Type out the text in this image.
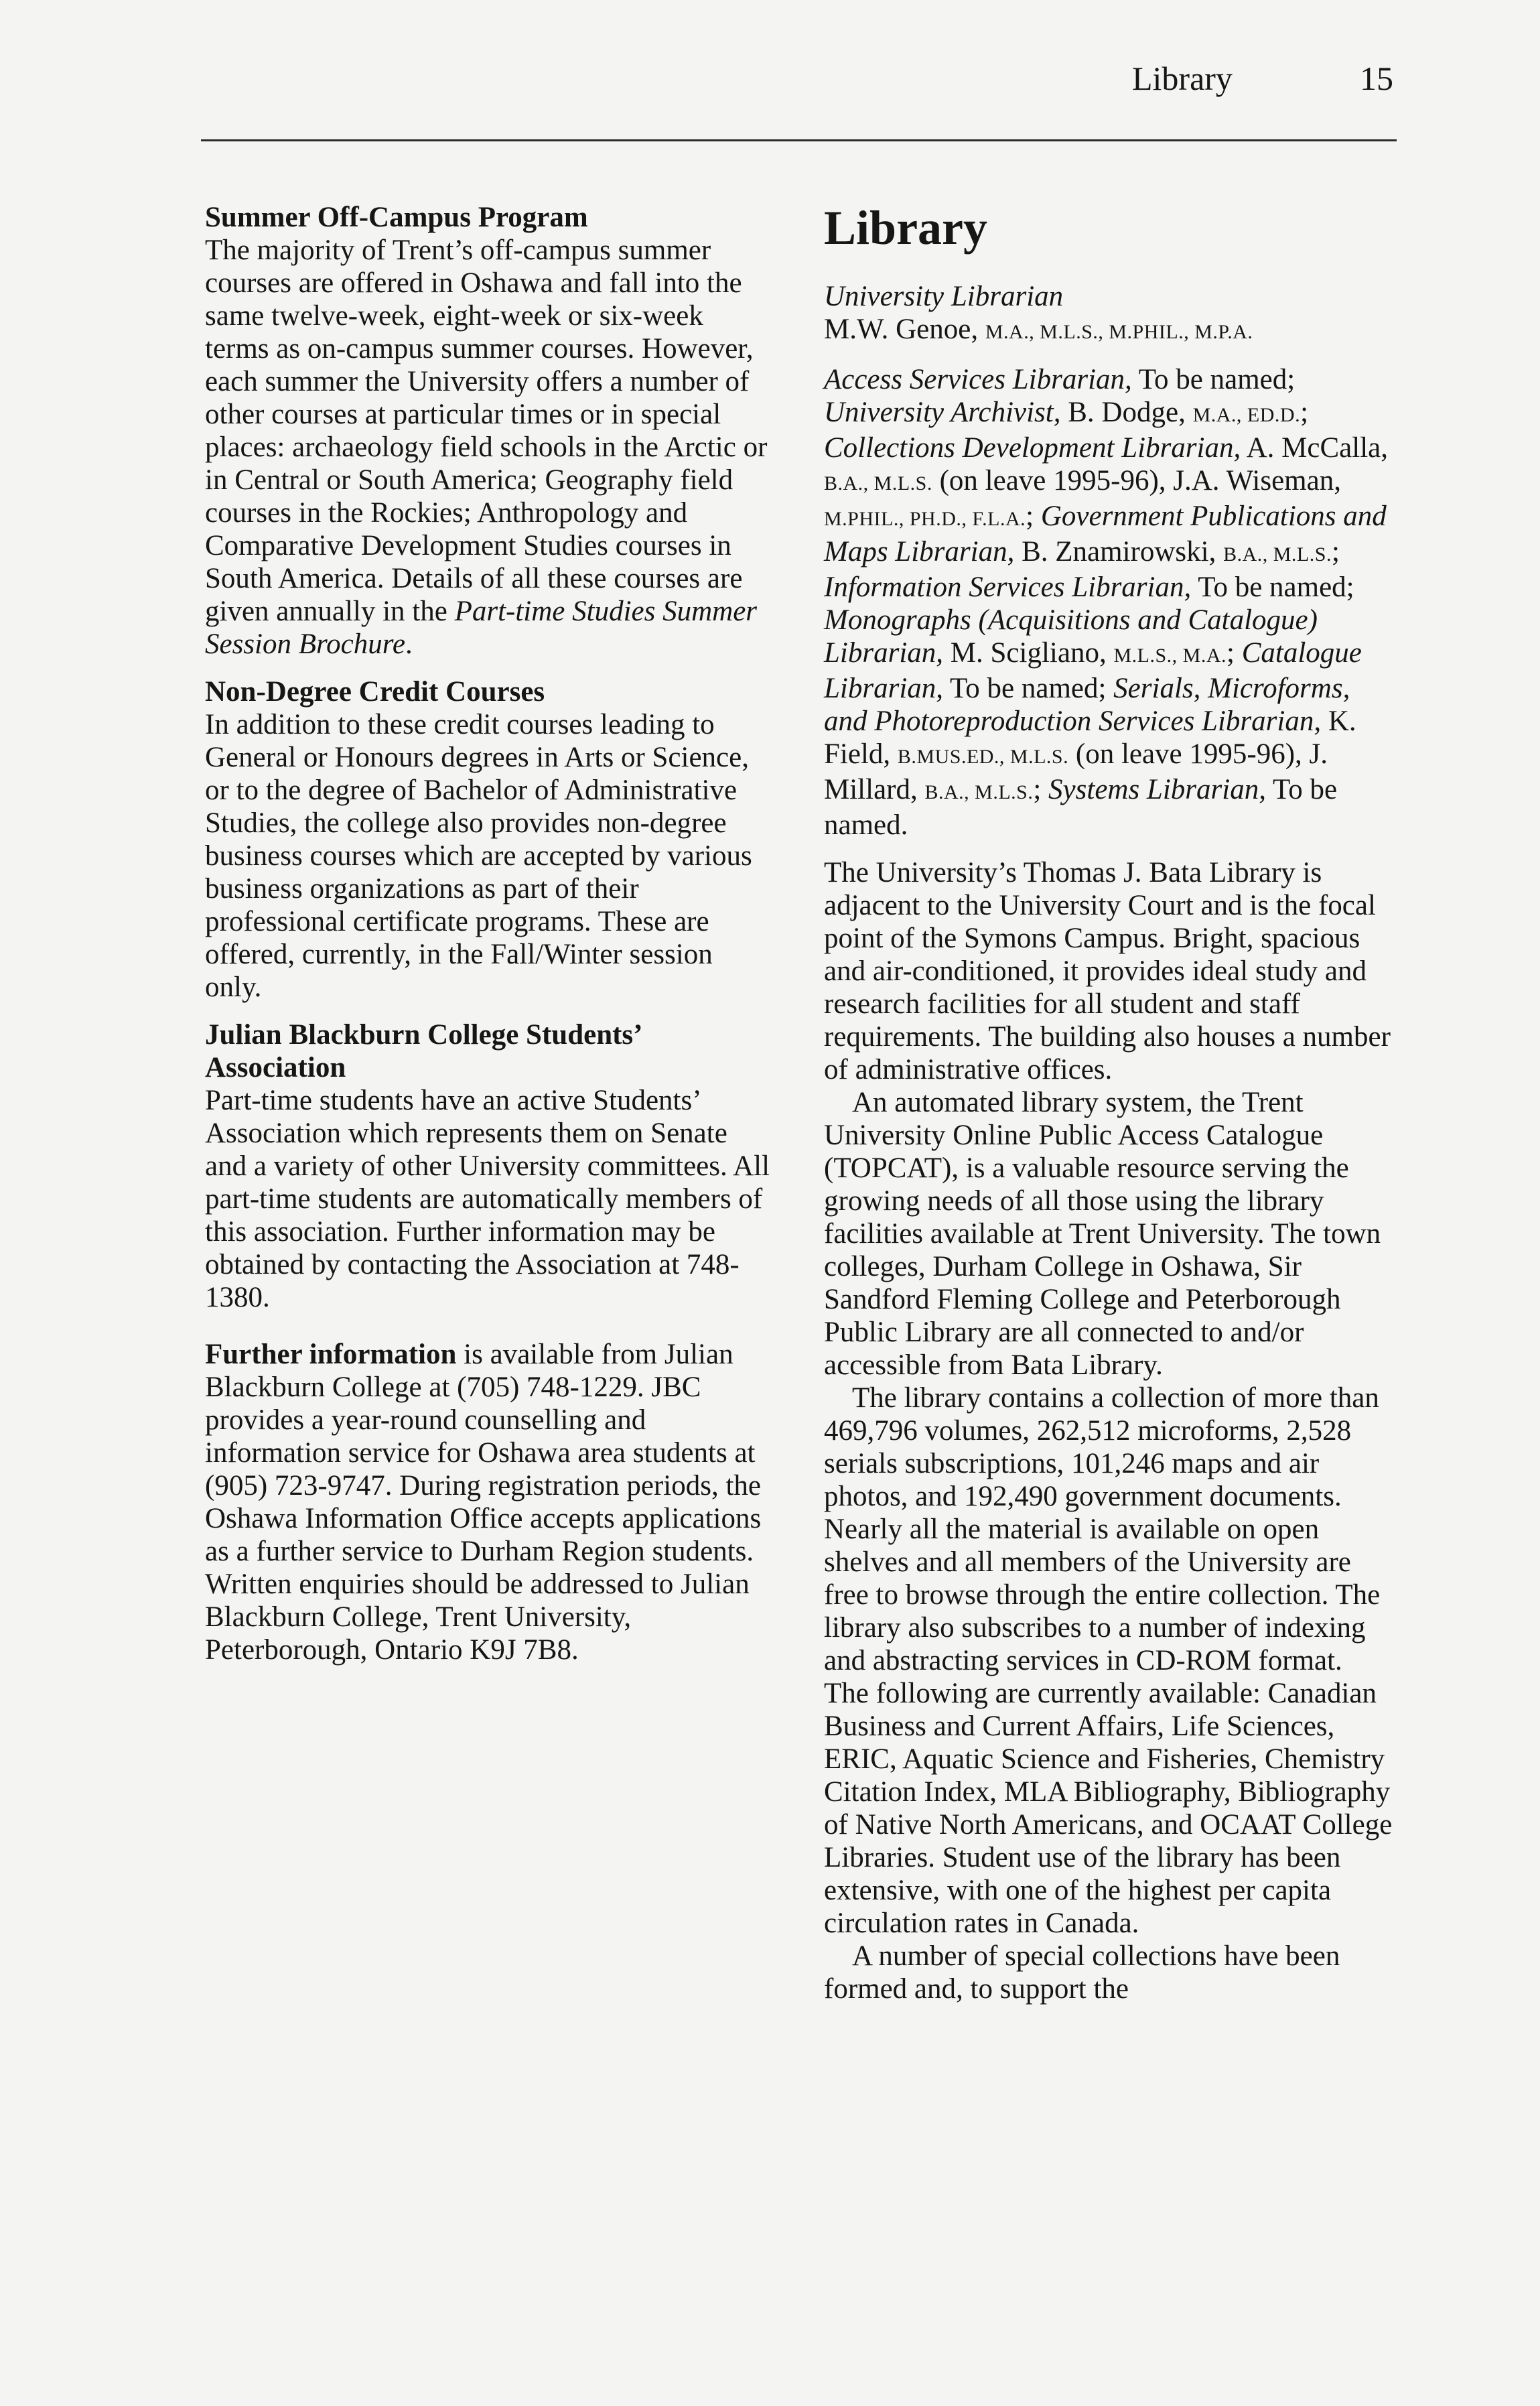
Library	15
Summer Off-Campus Program

The majority of Trent’s off-campus summer courses are offered in Oshawa and fall into the same twelve-week, eight-week or six-week terms as on-campus summer courses. However, each summer the University offers a number of other courses at particular times or in special places: archaeology field schools in the Arctic or in Central or South America; Geography field courses in the Rockies; Anthropology and Comparative Development Studies courses in South America. Details of all these courses are given annually in the Part-time Studies Summer Session Brochure.

Non-Degree Credit Courses

In addition to these credit courses leading to General or Honours degrees in Arts or Science, or to the degree of Bachelor of Administrative Studies, the college also provides non-degree business courses which are accepted by various business organizations as part of their professional certificate programs. These are offered, currently, in the Fall/Winter session only.

Julian Blackburn College Students’ Association

Part-time students have an active Students’ Association which represents them on Senate and a variety of other University committees. All part-time students are automatically members of this association. Further information may be obtained by contacting the Association at 748-1380.

Further information is available from Julian Blackburn College at (705) 748-1229. JBC provides a year-round counselling and information service for Oshawa area students at (905) 723-9747. During registration periods, the Oshawa Information Office accepts applications as a further service to Durham Region students. Written enquiries should be addressed to Julian Blackburn College, Trent University, Peterborough, Ontario K9J 7B8.

Library

University Librarian

M.W. Genoe, M.A., M.L.S., M.PHIL., M.P.A.

Access Services Librarian, To be named; University Archivist, B. Dodge, M.A., ED.D.; Collections Development Librarian, A. McCalla, B.A., M.L.S. (on leave 1995-96), J.A. Wiseman, M.PHIL., PH.D., F.L.A.; Government Publications and Maps Librarian, B. Znamirowski, B.A., M.L.S.; Information Services Librarian, To be named; Monographs (Acquisitions and Catalogue) Librarian, M. Scigliano, M.L.S., M.A.; Catalogue Librarian, To be named; Serials, Microforms, and Photoreproduction Services Librarian, K. Field, B.MUS.ED., M.L.S. (on leave 1995-96), J. Millard, B.A., M.L.S.; Systems Librarian, To be named.

The University’s Thomas J. Bata Library is adjacent to the University Court and is the focal point of the Symons Campus. Bright, spacious and air-conditioned, it provides ideal study and research facilities for all student and staff requirements. The building also houses a number of administrative offices.

An automated library system, the Trent University Online Public Access Catalogue (TOPCAT), is a valuable resource serving the growing needs of all those using the library facilities available at Trent University. The town colleges, Durham College in Oshawa, Sir Sandford Fleming College and Peterborough Public Library are all connected to and/or accessible from Bata Library.

The library contains a collection of more than 469,796 volumes, 262,512 microforms, 2,528 serials subscriptions, 101,246 maps and air photos, and 192,490 government documents. Nearly all the material is available on open shelves and all members of the University are free to browse through the entire collection. The library also subscribes to a number of indexing and abstracting services in CD-ROM format. The following are currently available: Canadian Business and Current Affairs, Life Sciences, ERIC, Aquatic Science and Fisheries, Chemistry Citation Index, MLA Bibliography, Bibliography of Native North Americans, and OCAAT College Libraries. Student use of the library has been extensive, with one of the highest per capita circulation rates in Canada.

A number of special collections have been formed and, to support the
